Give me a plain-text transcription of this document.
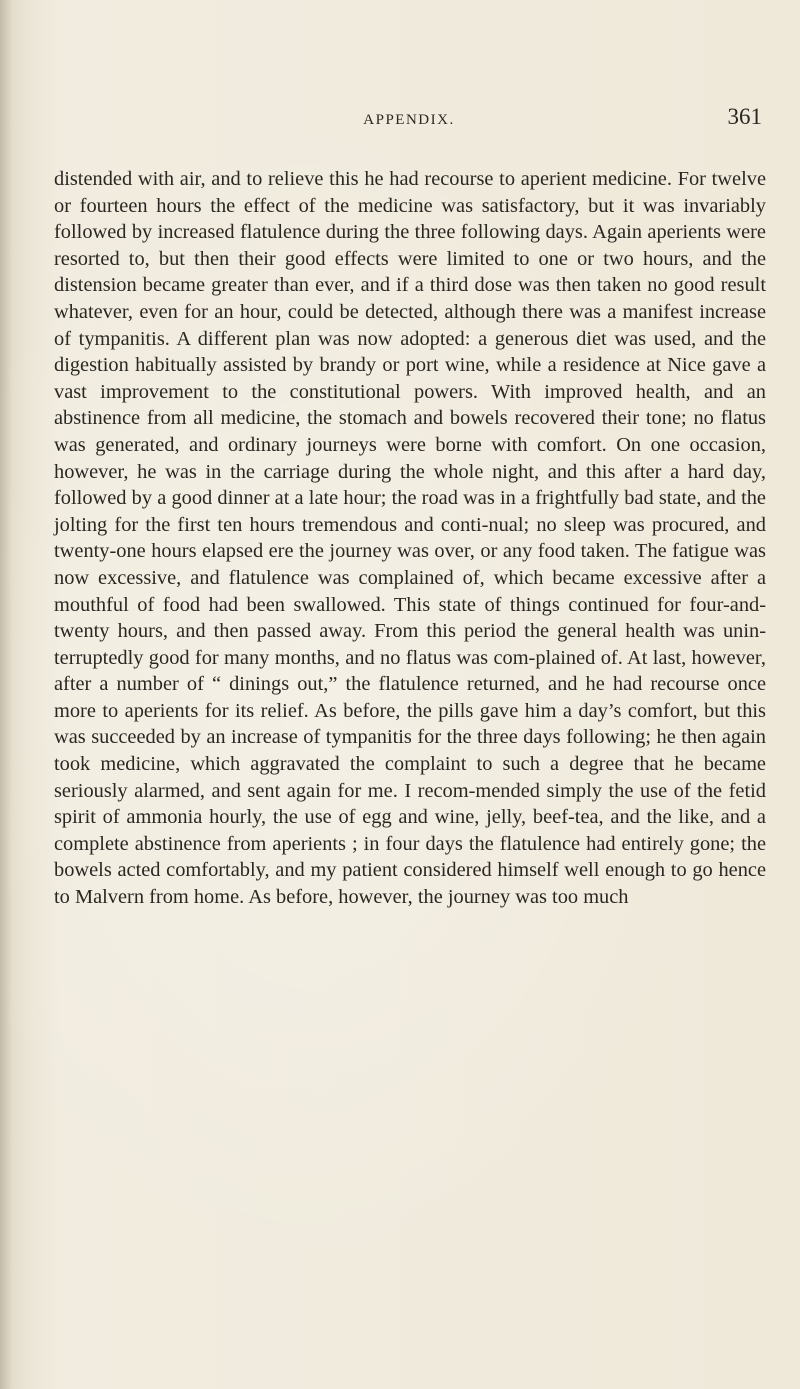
APPENDIX.	361

distended with air, and to relieve this he had recourse to aperient medicine. For twelve or fourteen hours the effect of the medicine was satisfactory, but it was invariably followed by increased flatulence during the three following days. Again aperients were resorted to, but then their good effects were limited to one or two hours, and the distension became greater than ever, and if a third dose was then taken no good result whatever, even for an hour, could be detected, although there was a manifest increase of tympanitis. A different plan was now adopted: a generous diet was used, and the digestion habitually assisted by brandy or port wine, while a residence at Nice gave a vast improvement to the constitutional powers. With improved health, and an abstinence from all medicine, the stomach and bowels recovered their tone; no flatus was generated, and ordinary journeys were borne with comfort. On one occasion, however, he was in the carriage during the whole night, and this after a hard day, followed by a good dinner at a late hour; the road was in a frightfully bad state, and the jolting for the first ten hours tremendous and conti-nual; no sleep was procured, and twenty-one hours elapsed ere the journey was over, or any food taken. The fatigue was now excessive, and flatulence was complained of, which became excessive after a mouthful of food had been swallowed. This state of things continued for four-and-twenty hours, and then passed away. From this period the general health was unin-terruptedly good for many months, and no flatus was com-plained of. At last, however, after a number of “ dinings out,” the flatulence returned, and he had recourse once more to aperients for its relief. As before, the pills gave him a day’s comfort, but this was succeeded by an increase of tympanitis for the three days following; he then again took medicine, which aggravated the complaint to such a degree that he became seriously alarmed, and sent again for me. I recom-mended simply the use of the fetid spirit of ammonia hourly, the use of egg and wine, jelly, beef-tea, and the like, and a complete abstinence from aperients ; in four days the flatulence had entirely gone; the bowels acted comfortably, and my patient considered himself well enough to go hence to Malvern from home. As before, however, the journey was too much
